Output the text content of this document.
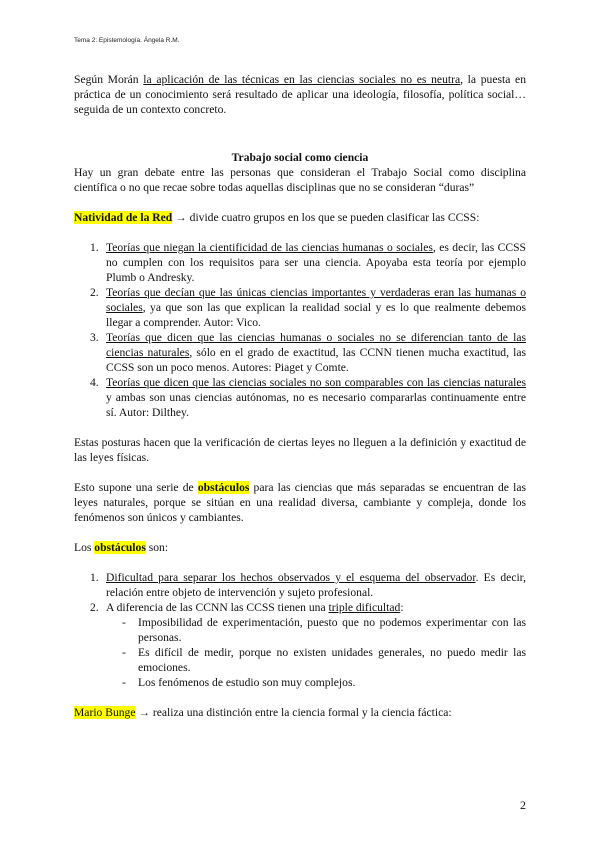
Tema 2: Epistemología. Ángela R.M.

Según Morán la aplicación de las técnicas en las ciencias sociales no es neutra, la puesta en práctica de un conocimiento será resultado de aplicar una ideología, filosofía, política social… seguida de un contexto concreto.

Trabajo social como ciencia

Hay un gran debate entre las personas que consideran el Trabajo Social como disciplina científica o no que recae sobre todas aquellas disciplinas que no se consideran “duras”

Natividad de la Red → divide cuatro grupos en los que se pueden clasificar las CCSS:

1. Teorías que niegan la cientificidad de las ciencias humanas o sociales, es decir, las CCSS no cumplen con los requisitos para ser una ciencia. Apoyaba esta teoría por ejemplo Plumb o Andresky.
2. Teorías que decían que las únicas ciencias importantes y verdaderas eran las humanas o sociales, ya que son las que explican la realidad social y es lo que realmente debemos llegar a comprender. Autor: Vico.
3. Teorías que dicen que las ciencias humanas o sociales no se diferencian tanto de las ciencias naturales, sólo en el grado de exactitud, las CCNN tienen mucha exactitud, las CCSS son un poco menos. Autores: Piaget y Comte.
4. Teorías que dicen que las ciencias sociales no son comparables con las ciencias naturales y ambas son unas ciencias autónomas, no es necesario compararlas continuamente entre sí. Autor: Dilthey.

Estas posturas hacen que la verificación de ciertas leyes no lleguen a la definición y exactitud de las leyes físicas.

Esto supone una serie de obstáculos para las ciencias que más separadas se encuentran de las leyes naturales, porque se sitúan en una realidad diversa, cambiante y compleja, donde los fenómenos son únicos y cambiantes.

Los obstáculos son:

1. Dificultad para separar los hechos observados y el esquema del observador. Es decir, relación entre objeto de intervención y sujeto profesional.
2. A diferencia de las CCNN las CCSS tienen una triple dificultad:
- Imposibilidad de experimentación, puesto que no podemos experimentar con las personas.
- Es difícil de medir, porque no existen unidades generales, no puedo medir las emociones.
- Los fenómenos de estudio son muy complejos.

Mario Bunge → realiza una distinción entre la ciencia formal y la ciencia fáctica:

2
